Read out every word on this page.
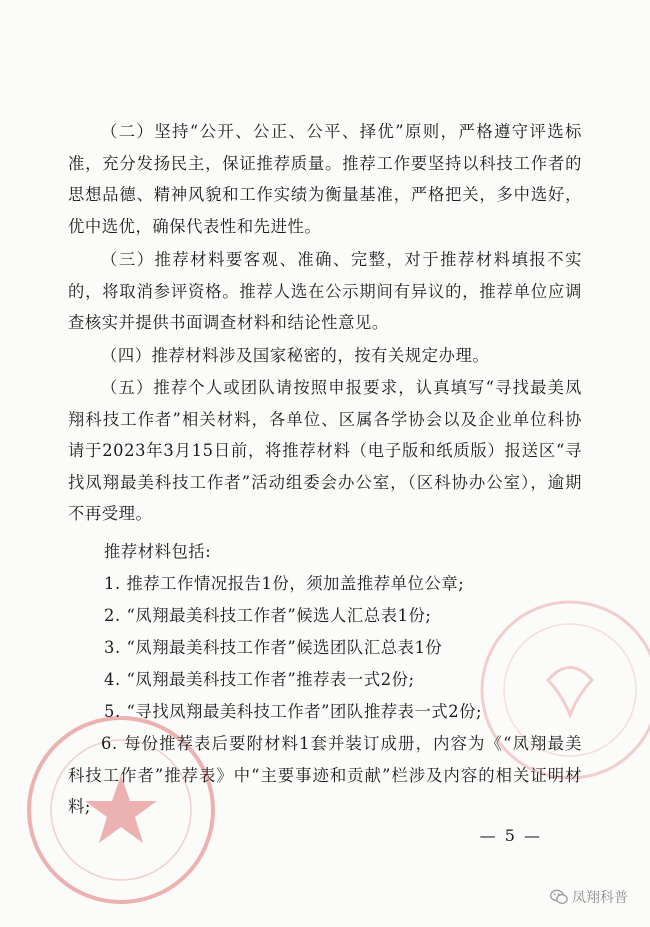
（二）坚持“公开、公正、公平、择优”原则，严格遵守评选标准，充分发扬民主，保证推荐质量。推荐工作要坚持以科技工作者的思想品德、精神风貌和工作实绩为衡量基准，严格把关，多中选好，优中选优，确保代表性和先进性。

（三）推荐材料要客观、准确、完整，对于推荐材料填报不实的，将取消参评资格。推荐人选在公示期间有异议的，推荐单位应调查核实并提供书面调查材料和结论性意见。

（四）推荐材料涉及国家秘密的，按有关规定办理。

（五）推荐个人或团队请按照申报要求，认真填写“寻找最美凤翔科技工作者”相关材料，各单位、区属各学协会以及企业单位科协请于2023年3月15日前，将推荐材料（电子版和纸质版）报送区“寻找凤翔最美科技工作者”活动组委会办公室，（区科协办公室），逾期不再受理。

推荐材料包括:

1. 推荐工作情况报告1份，须加盖推荐单位公章;

2. “凤翔最美科技工作者”候选人汇总表1份;

3. “凤翔最美科技工作者”候选团队汇总表1份

4. “凤翔最美科技工作者”推荐表一式2份;

5. “寻找凤翔最美科技工作者”团队推荐表一式2份;

6. 每份推荐表后要附材料1套并装订成册，内容为《“凤翔最美科技工作者”推荐表》中“主要事迹和贡献”栏涉及内容的相关证明材料;

— 5 —
凤翔科普
